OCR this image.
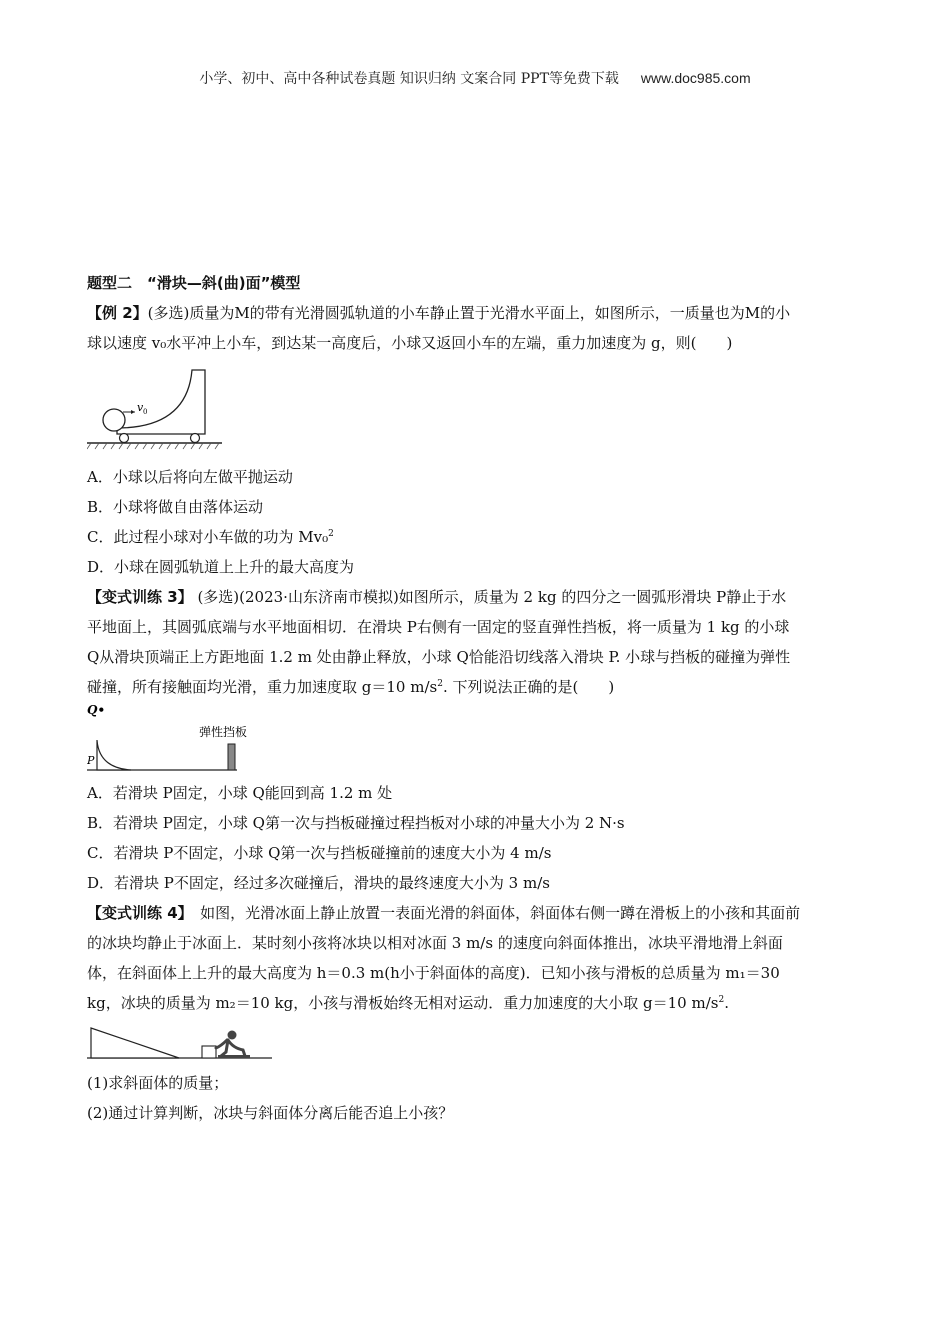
小学、初中、高中各种试卷真题 知识归纳 文案合同 PPT等免费下载 www.doc985.com

题型二　“滑块—斜(曲)面”模型

【例 2】(多选)质量为M的带有光滑圆弧轨道的小车静止置于光滑水平面上，如图所示，一质量也为M的小

球以速度 v₀水平冲上小车，到达某一高度后，小球又返回小车的左端，重力加速度为 g，则(　　)

v 0

A．小球以后将向左做平抛运动

B．小球将做自由落体运动

C．此过程小球对小车做的功为 Mv₀$^2$

D．小球在圆弧轨道上上升的最大高度为

【变式训练 3】 (多选)(2023·山东济南市模拟)如图所示，质量为 2 kg 的四分之一圆弧形滑块 P静止于水

平地面上，其圆弧底端与水平地面相切．在滑块 P右侧有一固定的竖直弹性挡板，将一质量为 1 kg 的小球

Q从滑块顶端正上方距地面 1.2 m 处由静止释放，小球 Q恰能沿切线落入滑块 P. 小球与挡板的碰撞为弹性

碰撞，所有接触面均光滑，重力加速度取 g＝10 $m/s^2$. 下列说法正确的是(　　)

Q•
弹性挡板
P

A．若滑块 P固定，小球 Q能回到高 1.2 m 处

B．若滑块 P固定，小球 Q第一次与挡板碰撞过程挡板对小球的冲量大小为 2 N·s

C．若滑块 P不固定，小球 Q第一次与挡板碰撞前的速度大小为 4 m/s

D．若滑块 P不固定，经过多次碰撞后，滑块的最终速度大小为 3 m/s

【变式训练 4】　如图，光滑冰面上静止放置一表面光滑的斜面体，斜面体右侧一蹲在滑板上的小孩和其面前

的冰块均静止于冰面上．某时刻小孩将冰块以相对冰面 3 m/s 的速度向斜面体推出，冰块平滑地滑上斜面

体，在斜面体上上升的最大高度为 h＝0.3 m(h小于斜面体的高度)．已知小孩与滑板的总质量为 m₁＝30

kg，冰块的质量为 m₂＝10 kg，小孩与滑板始终无相对运动．重力加速度的大小取 g＝10 $m/s^2$.

(1)求斜面体的质量；

(2)通过计算判断，冰块与斜面体分离后能否追上小孩？
